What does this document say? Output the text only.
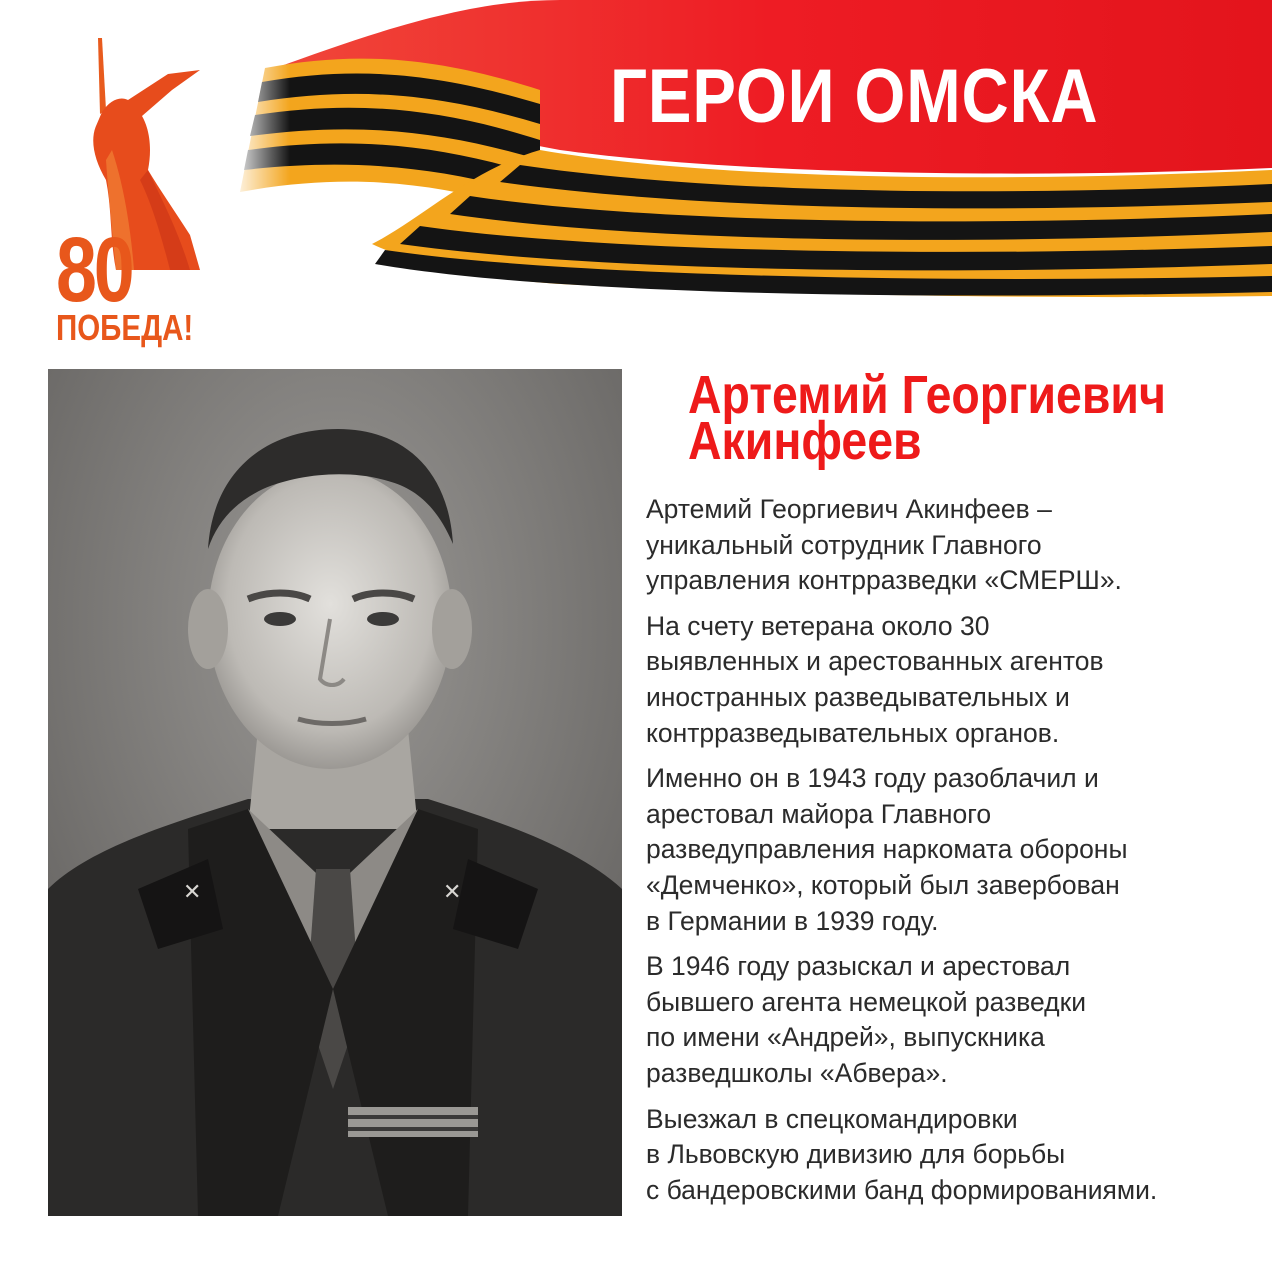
ГЕРОИ ОМСКА
80
ПОБЕДА!
✕	✕
Артемий Георгиевич
Акинфеев

Артемий Георгиевич Акинфеев –
уникальный сотрудник Главного
управления контрразведки «СМЕРШ».

На счету ветерана около 30
выявленных и арестованных агентов
иностранных разведывательных и
контрразведывательных органов.

Именно он в 1943 году разоблачил и
арестовал майора Главного
разведуправления наркомата обороны
«Демченко», который был завербован
в Германии в 1939 году.

В 1946 году разыскал и арестовал
бывшего агента немецкой разведки
по имени «Андрей», выпускника
разведшколы «Абвера».

Выезжал в спецкомандировки
в Львовскую дивизию для борьбы
с бандеровскими банд формированиями.
